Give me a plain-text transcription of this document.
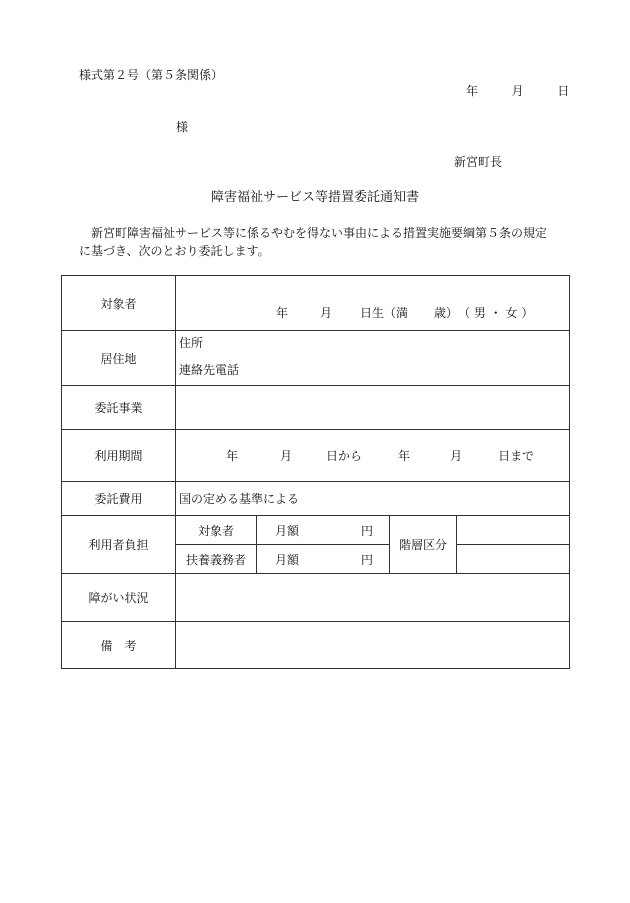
様式第２号（第５条関係）
年	月	日
様
新宮町長
障害福祉サービス等措置委託通知書
新宮町障害福祉サービス等に係るやむを得ない事由による措置実施要綱第５条の規定に基づき、次のとおり委託します。
対象者	年 月 日生（満 歳）（ 男 ・ 女 ）			
居住地	住所
連絡先電話			

委託事業				
利用期間	年 月 日から 年 月 日まで			
委託費用	国の定める基準による			
利用者負担	対象者	月額 円	階層区分	
	扶養義務者	月額 円		
障がい状況				
備　考				
